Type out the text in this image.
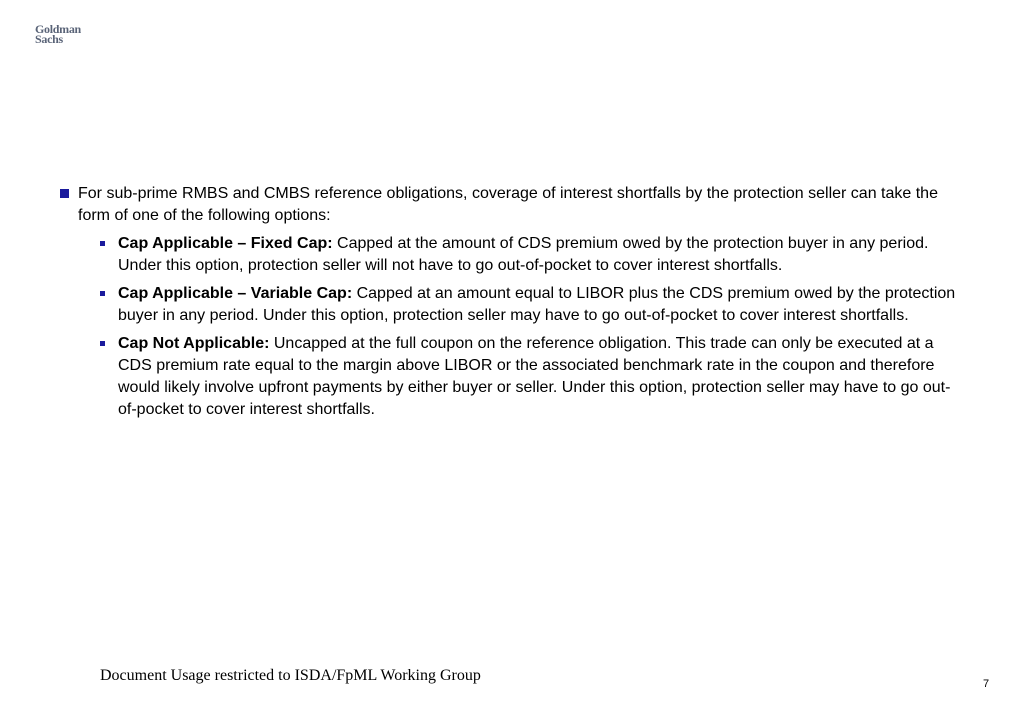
Goldman
Sachs
For sub-prime RMBS and CMBS reference obligations, coverage of interest shortfalls by the protection seller can take the form of one of the following options:
Cap Applicable – Fixed Cap: Capped at the amount of CDS premium owed by the protection buyer in any period. Under this option, protection seller will not have to go out-of-pocket to cover interest shortfalls.
Cap Applicable – Variable Cap: Capped at an amount equal to LIBOR plus the CDS premium owed by the protection buyer in any period. Under this option, protection seller may have to go out-of-pocket to cover interest shortfalls.
Cap Not Applicable: Uncapped at the full coupon on the reference obligation. This trade can only be executed at a CDS premium rate equal to the margin above LIBOR or the associated benchmark rate in the coupon and therefore would likely involve upfront payments by either buyer or seller. Under this option, protection seller may have to go out-of-pocket to cover interest shortfalls.
Document Usage restricted to ISDA/FpML Working Group	7
